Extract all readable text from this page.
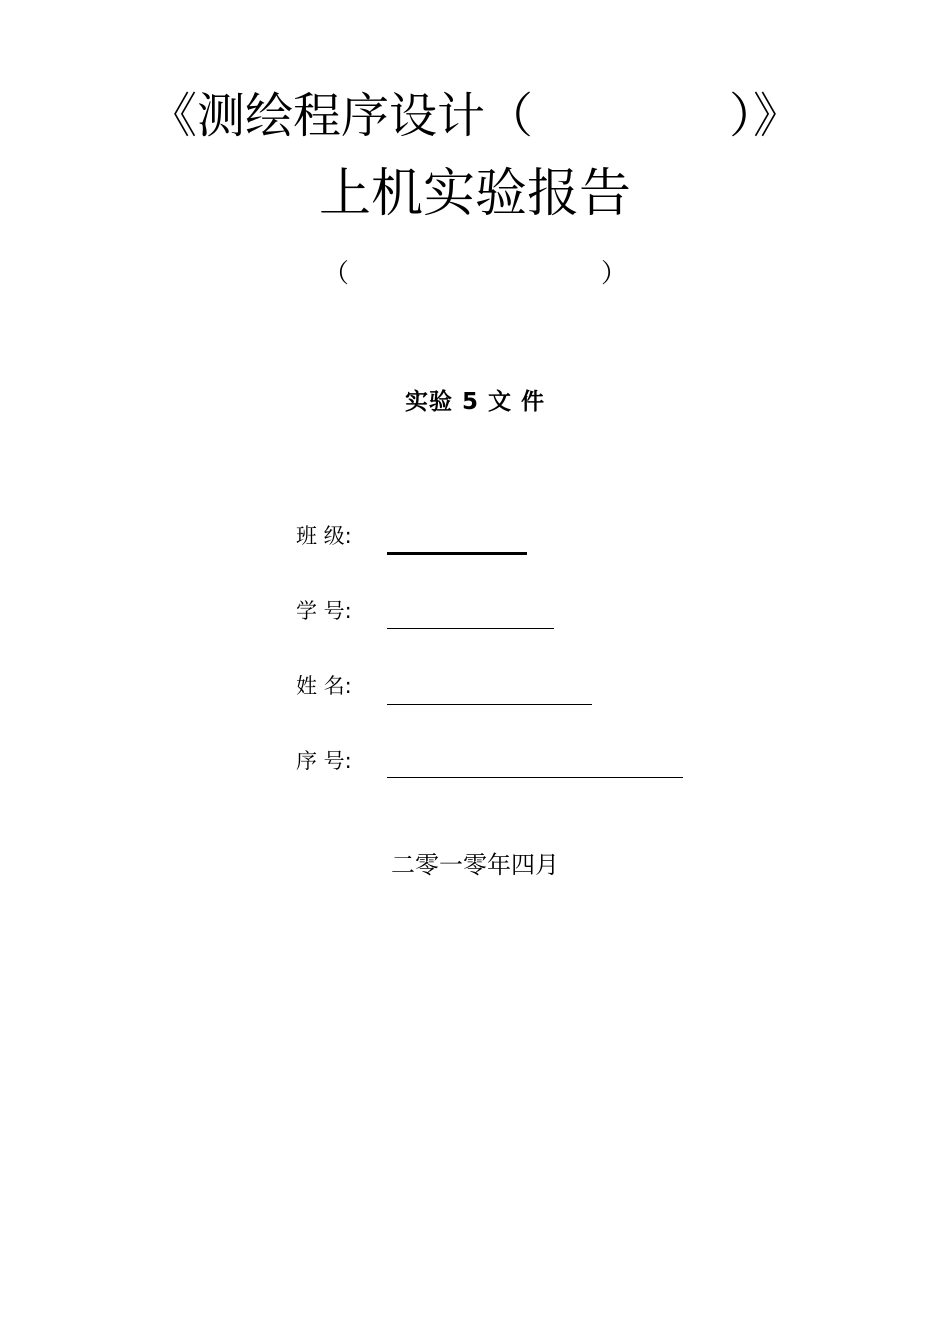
《测绘程序设计（	）》
上机实验报告
（	）
实验 5 文 件
班 级:
学 号:
姓 名:
序 号:
二零一零年四月
